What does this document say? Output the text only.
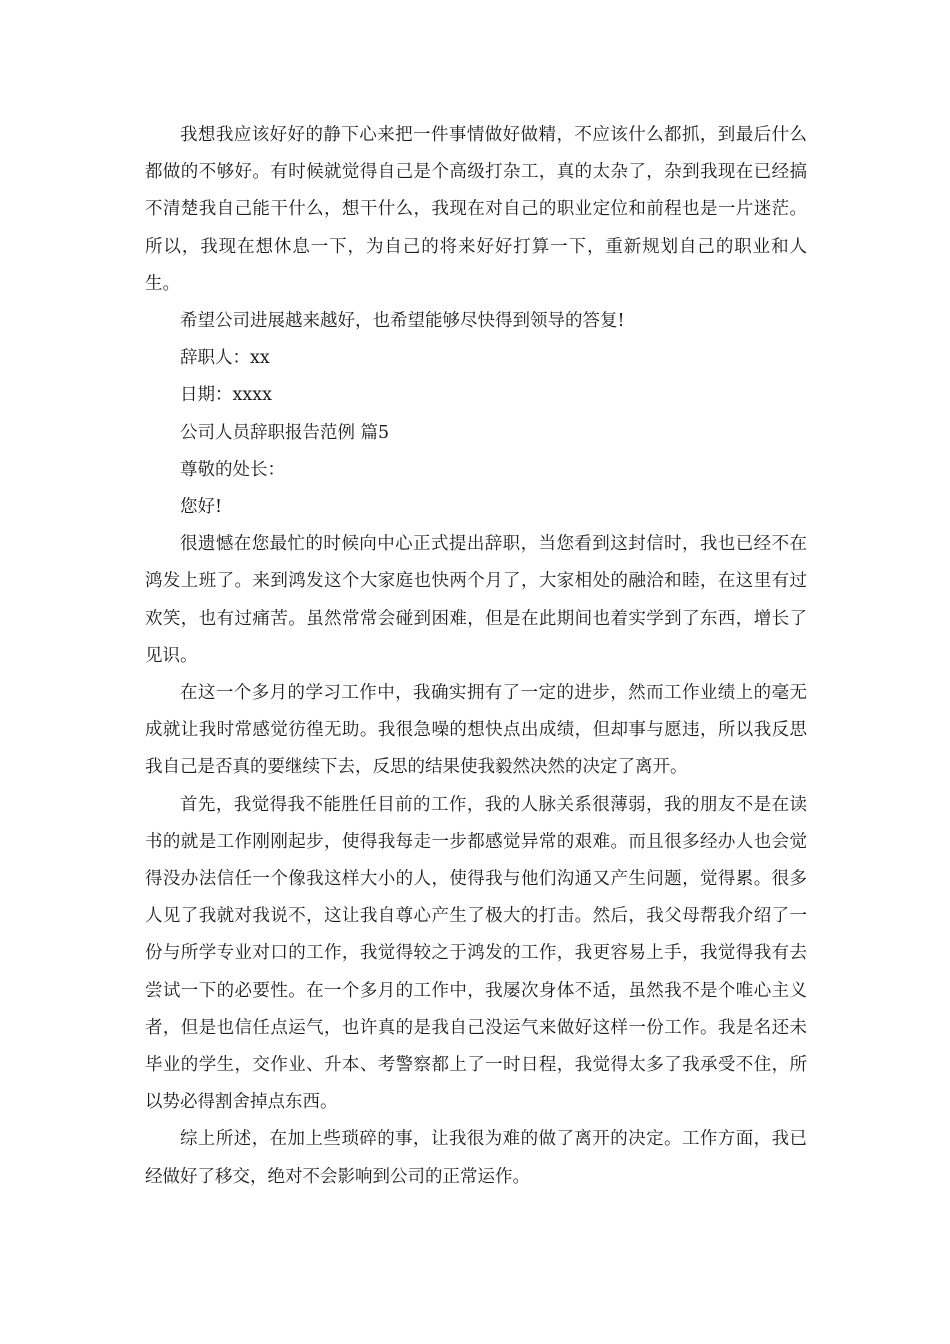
我想我应该好好的静下心来把一件事情做好做精，不应该什么都抓，到最后什么都做的不够好。有时候就觉得自己是个高级打杂工，真的太杂了，杂到我现在已经搞不清楚我自己能干什么，想干什么，我现在对自己的职业定位和前程也是一片迷茫。所以，我现在想休息一下，为自己的将来好好打算一下，重新规划自己的职业和人生。

希望公司进展越来越好，也希望能够尽快得到领导的答复!

辞职人：xx

日期：xxxx

公司人员辞职报告范例 篇5

尊敬的处长：

您好!

很遗憾在您最忙的时候向中心正式提出辞职，当您看到这封信时，我也已经不在鸿发上班了。来到鸿发这个大家庭也快两个月了，大家相处的融洽和睦，在这里有过欢笑，也有过痛苦。虽然常常会碰到困难，但是在此期间也着实学到了东西，增长了见识。

在这一个多月的学习工作中，我确实拥有了一定的进步，然而工作业绩上的毫无成就让我时常感觉彷徨无助。我很急噪的想快点出成绩，但却事与愿违，所以我反思我自己是否真的要继续下去，反思的结果使我毅然决然的决定了离开。

首先，我觉得我不能胜任目前的工作，我的人脉关系很薄弱，我的朋友不是在读书的就是工作刚刚起步，使得我每走一步都感觉异常的艰难。而且很多经办人也会觉得没办法信任一个像我这样大小的人，使得我与他们沟通又产生问题，觉得累。很多人见了我就对我说不，这让我自尊心产生了极大的打击。然后，我父母帮我介绍了一份与所学专业对口的工作，我觉得较之于鸿发的工作，我更容易上手，我觉得我有去尝试一下的必要性。在一个多月的工作中，我屡次身体不适，虽然我不是个唯心主义者，但是也信任点运气，也许真的是我自己没运气来做好这样一份工作。我是名还未毕业的学生，交作业、升本、考警察都上了一时日程，我觉得太多了我承受不住，所以势必得割舍掉点东西。

综上所述，在加上些琐碎的事，让我很为难的做了离开的决定。工作方面，我已经做好了移交，绝对不会影响到公司的正常运作。
